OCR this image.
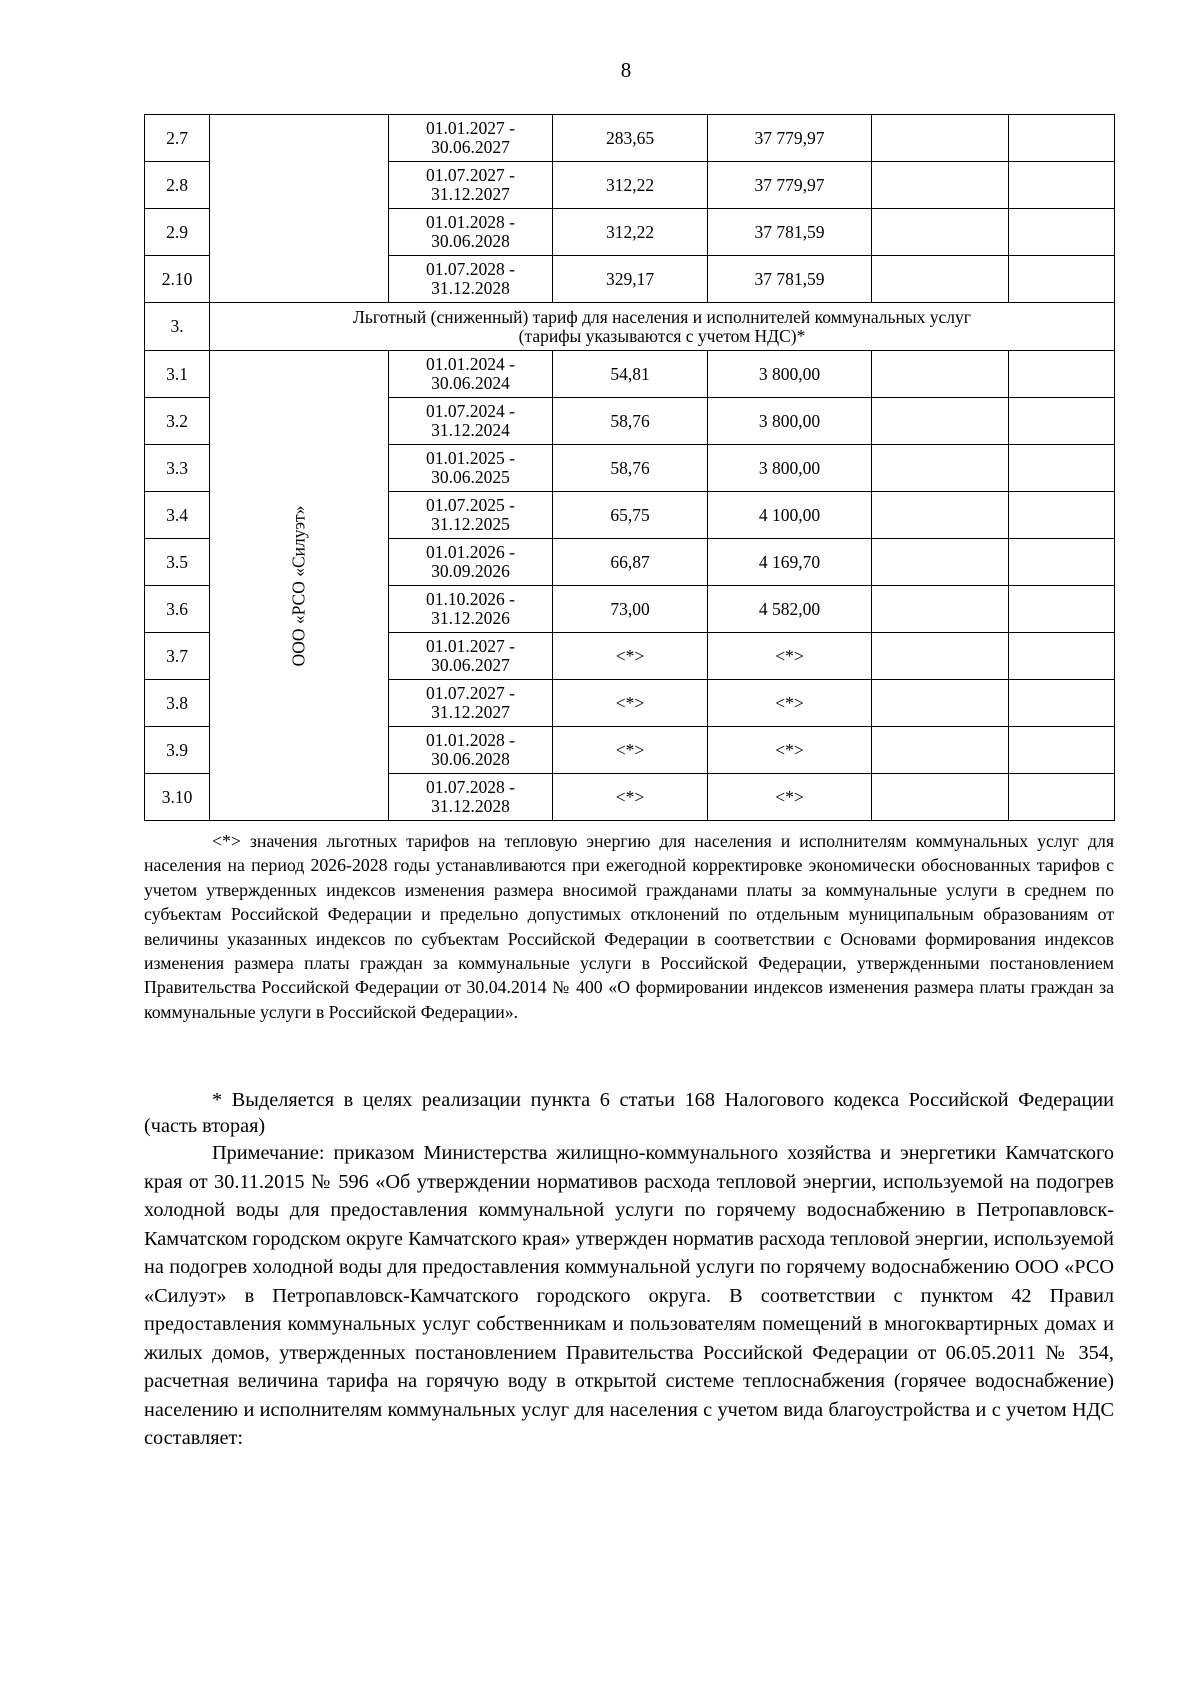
8
2.7		01.01.2027 -
30.06.2027	283,65	37 779,97		
2.8		01.07.2027 -
31.12.2027	312,22	37 779,97		
2.9		01.01.2028 -
30.06.2028	312,22	37 781,59		
2.10		01.07.2028 -
31.12.2028	329,17	37 781,59		
3.	Льготный (сниженный) тариф для населения и исполнителей коммунальных услуг
(тарифы указываются с учетом НДС)*					

3.1	ООО «РСО «Силуэт»	01.01.2024 -
30.06.2024	54,81	3 800,00		
3.2		01.07.2024 -
31.12.2024	58,76	3 800,00		
3.3		01.01.2025 -
30.06.2025	58,76	3 800,00		
3.4		01.07.2025 -
31.12.2025	65,75	4 100,00		
3.5		01.01.2026 -
30.09.2026	66,87	4 169,70		
3.6		01.10.2026 -
31.12.2026	73,00	4 582,00		
3.7		01.01.2027 -
30.06.2027	<*>	<*>		
3.8		01.07.2027 -
31.12.2027	<*>	<*>		
3.9		01.01.2028 -
30.06.2028	<*>	<*>		
3.10		01.07.2028 -
31.12.2028	<*>	<*>		
<*> значения льготных тарифов на тепловую энергию для населения и исполнителям коммунальных услуг для населения на период 2026-2028 годы устанавливаются при ежегодной корректировке экономически обоснованных тарифов с учетом утвержденных индексов изменения размера вносимой гражданами платы за коммунальные услуги в среднем по субъектам Российской Федерации и предельно допустимых отклонений по отдельным муниципальным образованиям от величины указанных индексов по субъектам Российской Федерации в соответствии с Основами формирования индексов изменения размера платы граждан за коммунальные услуги в Российской Федерации, утвержденными постановлением Правительства Российской Федерации от 30.04.2014 № 400 «О формировании индексов изменения размера платы граждан за коммунальные услуги в Российской Федерации».
* Выделяется в целях реализации пункта 6 статьи 168 Налогового кодекса Российской Федерации (часть вторая)
Примечание: приказом Министерства жилищно-коммунального хозяйства и энергетики Камчатского края от 30.11.2015 № 596 «Об утверждении нормативов расхода тепловой энергии, используемой на подогрев холодной воды для предоставления коммунальной услуги по горячему водоснабжению в Петропавловск-Камчатском городском округе Камчатского края» утвержден норматив расхода тепловой энергии, используемой на подогрев холодной воды для предоставления коммунальной услуги по горячему водоснабжению ООО «РСО «Силуэт» в Петропавловск-Камчатского городского округа. В соответствии с пунктом 42 Правил предоставления коммунальных услуг собственникам и пользователям помещений в многоквартирных домах и жилых домов, утвержденных постановлением Правительства Российской Федерации от 06.05.2011 № 354, расчетная величина тарифа на горячую воду в открытой системе теплоснабжения (горячее водоснабжение) населению и исполнителям коммунальных услуг для населения с учетом вида благоустройства и с учетом НДС составляет:
